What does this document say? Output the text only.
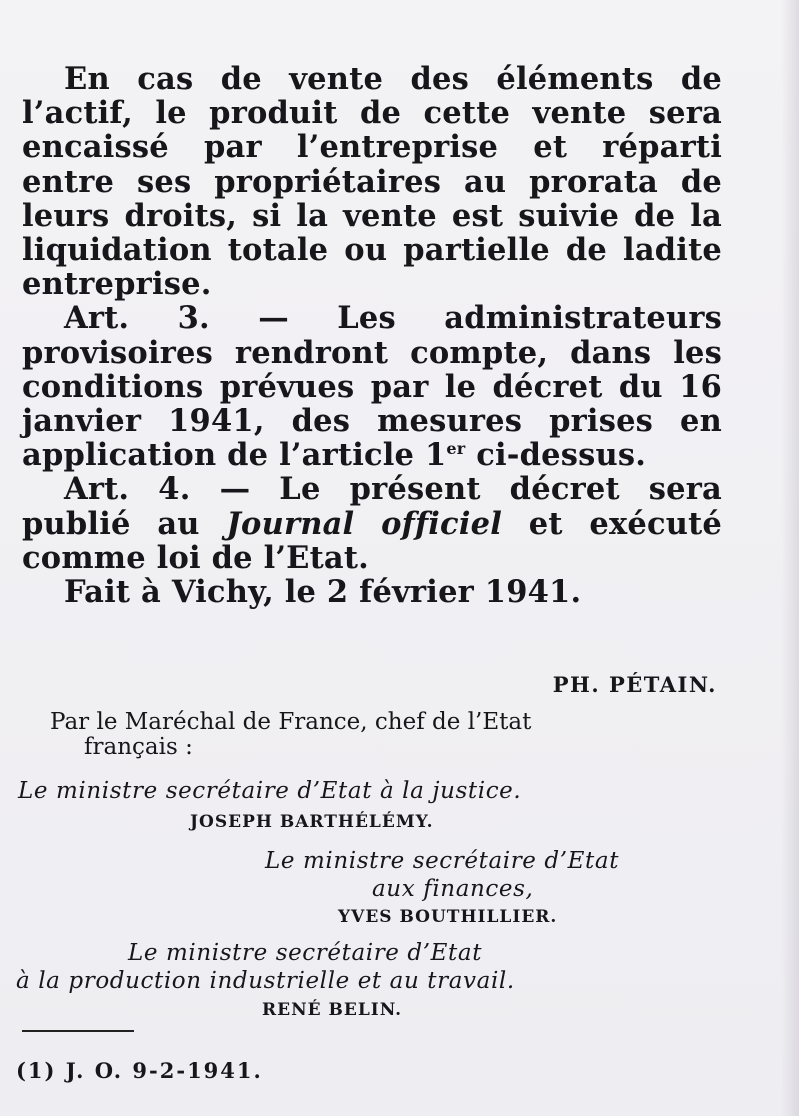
En cas de vente des éléments de l’actif, le produit de cette vente sera encaissé par l’entreprise et réparti entre ses propriétaires au prorata de leurs droits, si la vente est suivie de la liquidation totale ou partielle de ladite entreprise.

Art. 3. — Les administrateurs provisoires rendront compte, dans les conditions prévues par le décret du 16 janvier 1941, des mesures prises en application de l’article 1er ci-dessus.

Art. 4. — Le présent décret sera publié au Journal officiel et exécuté comme loi de l’Etat.

Fait à Vichy, le 2 février 1941.

PH. PÉTAIN.
Par le Maréchal de France, chef de l’Etat
français :
Le ministre secrétaire d’Etat à la justice.
JOSEPH BARTHÉLÉMY.
Le ministre secrétaire d’Etat
aux finances,
YVES BOUTHILLIER.
Le ministre secrétaire d’Etat
à la production industrielle et au travail.
RENÉ BELIN.
(1) J. O. 9-2-1941.
